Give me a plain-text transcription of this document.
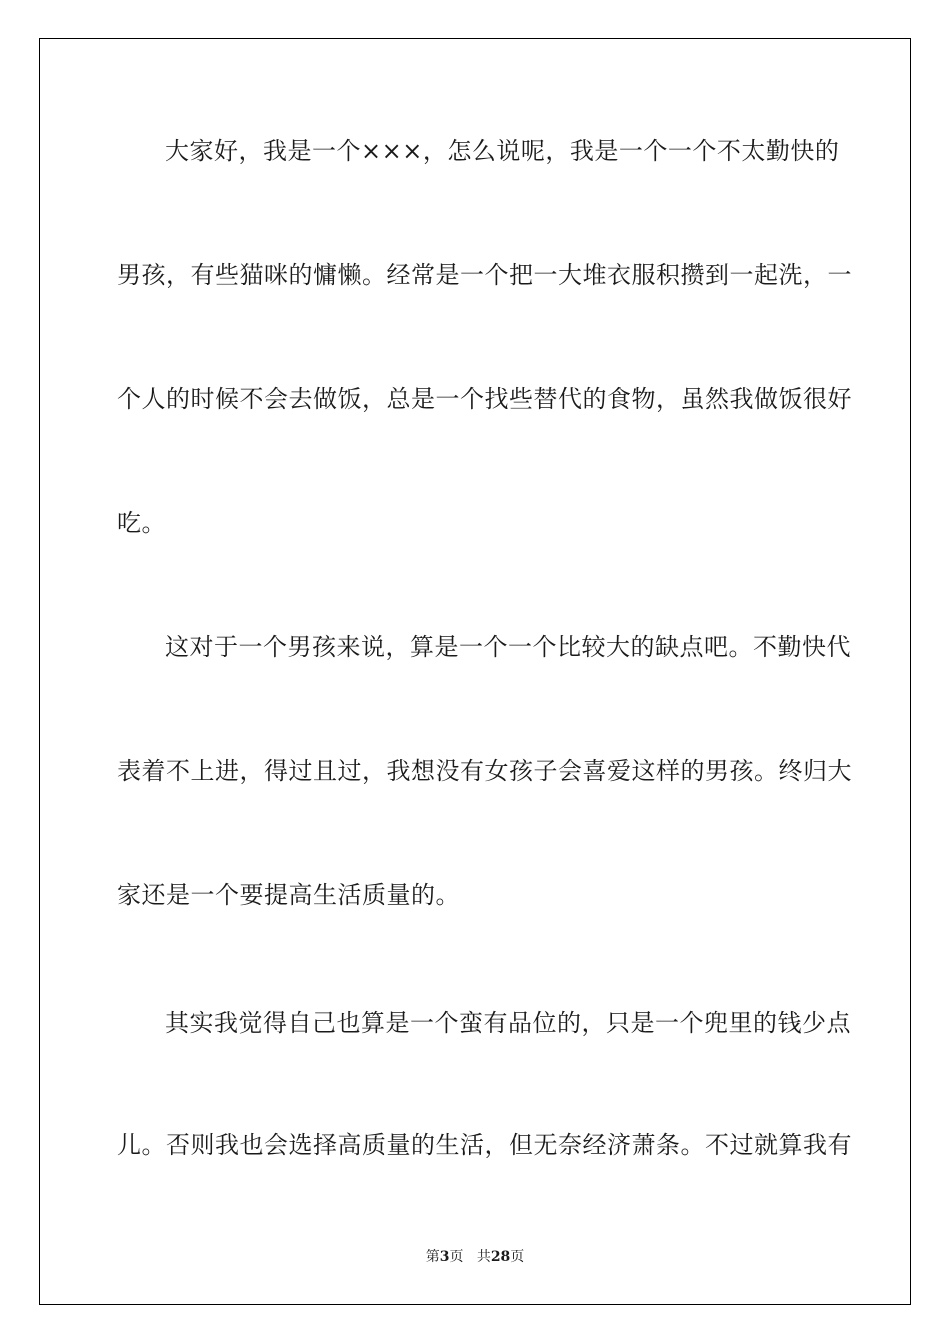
大家好，我是一个×××，怎么说呢，我是一个一个不太勤快的
男孩，有些猫咪的慵懒。经常是一个把一大堆衣服积攒到一起洗，一
个人的时候不会去做饭，总是一个找些替代的食物，虽然我做饭很好
吃。
这对于一个男孩来说，算是一个一个比较大的缺点吧。不勤快代
表着不上进，得过且过，我想没有女孩子会喜爱这样的男孩。终归大
家还是一个要提高生活质量的。
其实我觉得自己也算是一个蛮有品位的，只是一个兜里的钱少点
儿。否则我也会选择高质量的生活，但无奈经济萧条。不过就算我有
第3页 共28页
